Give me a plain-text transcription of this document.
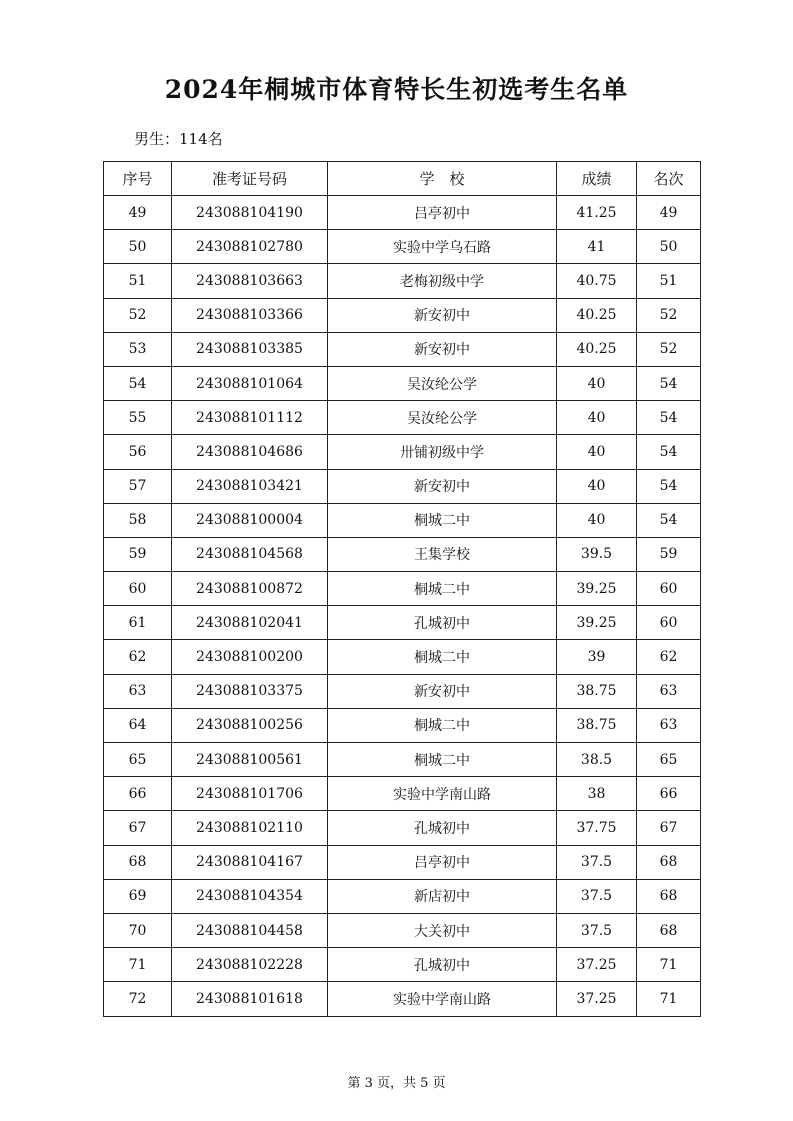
2024年桐城市体育特长生初选考生名单
男生：114名
序号	准考证号码	学　校	成绩	名次
49	243088104190	吕亭初中	41.25	49
50	243088102780	实验中学乌石路	41	50
51	243088103663	老梅初级中学	40.75	51
52	243088103366	新安初中	40.25	52
53	243088103385	新安初中	40.25	52
54	243088101064	吴汝纶公学	40	54
55	243088101112	吴汝纶公学	40	54
56	243088104686	卅铺初级中学	40	54
57	243088103421	新安初中	40	54
58	243088100004	桐城二中	40	54
59	243088104568	王集学校	39.5	59
60	243088100872	桐城二中	39.25	60
61	243088102041	孔城初中	39.25	60
62	243088100200	桐城二中	39	62
63	243088103375	新安初中	38.75	63
64	243088100256	桐城二中	38.75	63
65	243088100561	桐城二中	38.5	65
66	243088101706	实验中学南山路	38	66
67	243088102110	孔城初中	37.75	67
68	243088104167	吕亭初中	37.5	68
69	243088104354	新店初中	37.5	68
70	243088104458	大关初中	37.5	68
71	243088102228	孔城初中	37.25	71
72	243088101618	实验中学南山路	37.25	71
第 3 页，共 5 页
